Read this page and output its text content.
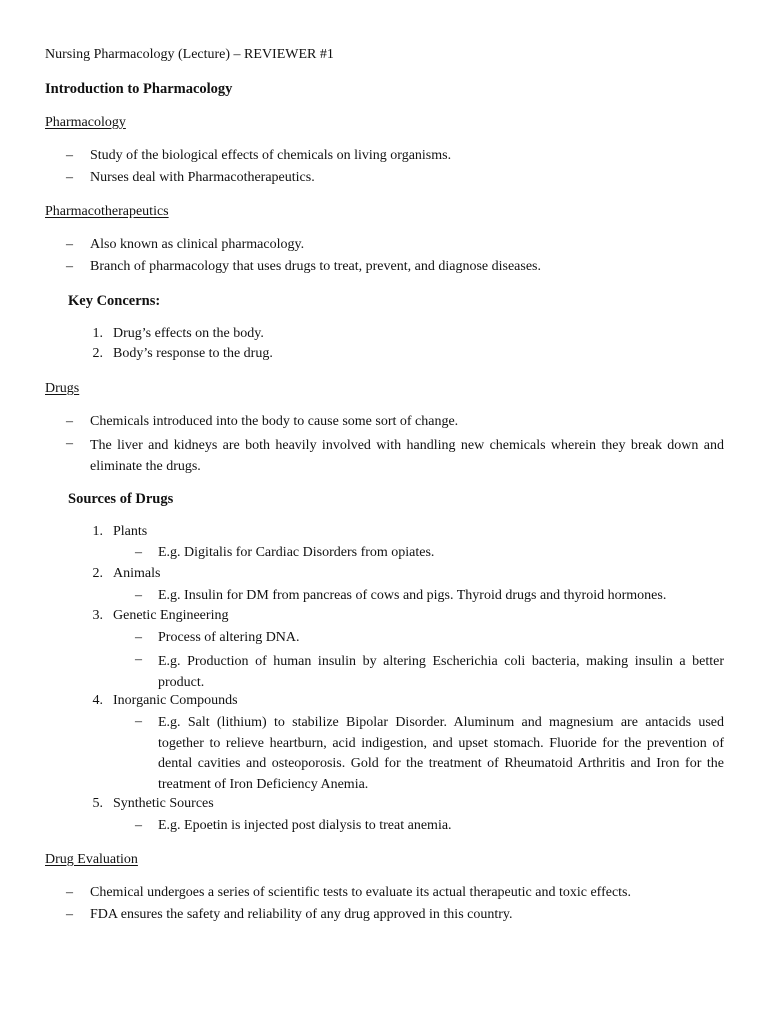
Nursing Pharmacology (Lecture) – REVIEWER #1
Introduction to Pharmacology
Pharmacology
–	Study of the biological effects of chemicals on living organisms.
–	Nurses deal with Pharmacotherapeutics.
Pharmacotherapeutics
–	Also known as clinical pharmacology.
–	Branch of pharmacology that uses drugs to treat, prevent, and diagnose diseases.
Key Concerns:
1. Drug’s effects on the body.
2. Body’s response to the drug.
Drugs
–	Chemicals introduced into the body to cause some sort of change.
–	The liver and kidneys are both heavily involved with handling new chemicals wherein they break down and eliminate the drugs.
Sources of Drugs
1. Plants
–	E.g. Digitalis for Cardiac Disorders from opiates.
2. Animals
–	E.g. Insulin for DM from pancreas of cows and pigs. Thyroid drugs and thyroid hormones.
3. Genetic Engineering
–	Process of altering DNA.
–	E.g. Production of human insulin by altering Escherichia coli bacteria, making insulin a better product.
4. Inorganic Compounds
–	E.g. Salt (lithium) to stabilize Bipolar Disorder. Aluminum and magnesium are antacids used together to relieve heartburn, acid indigestion, and upset stomach. Fluoride for the prevention of dental cavities and osteoporosis. Gold for the treatment of Rheumatoid Arthritis and Iron for the treatment of Iron Deficiency Anemia.
5. Synthetic Sources
–	E.g. Epoetin is injected post dialysis to treat anemia.
Drug Evaluation
–	Chemical undergoes a series of scientific tests to evaluate its actual therapeutic and toxic effects.
–	FDA ensures the safety and reliability of any drug approved in this country.
